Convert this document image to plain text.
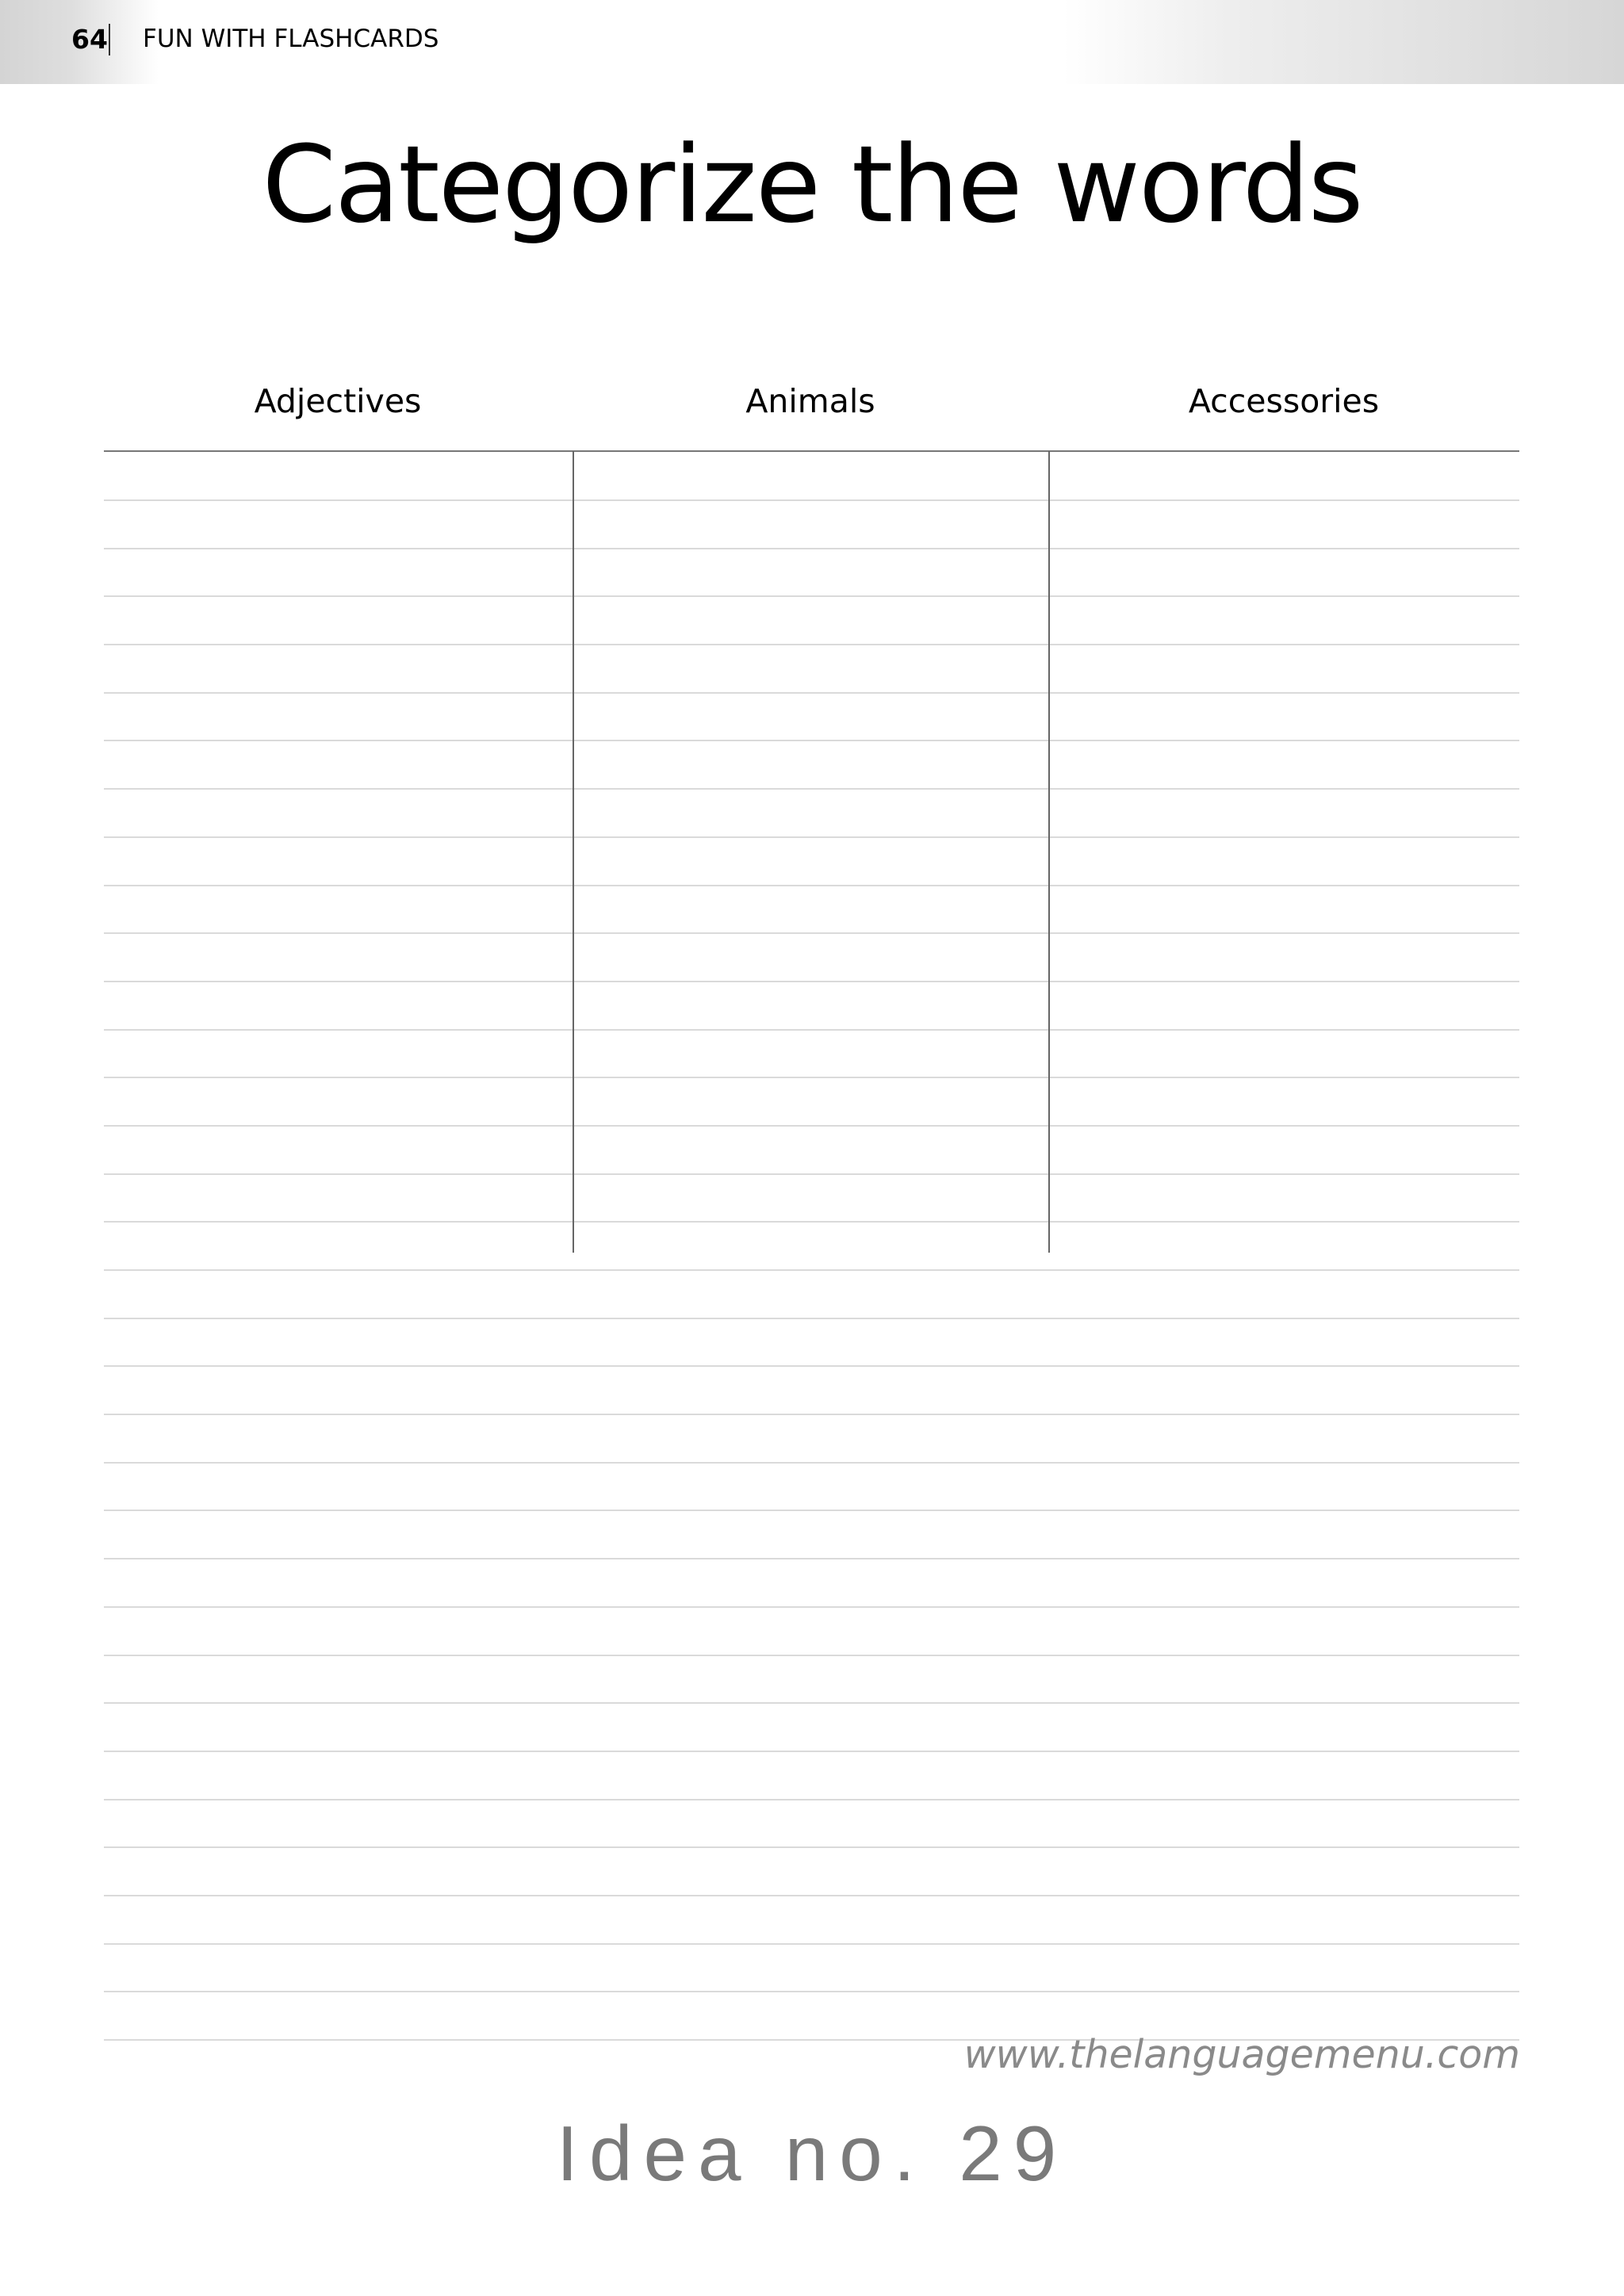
64 FUN WITH FLASHCARDS
Categorize the words
Adjectives	Animals	Accessories
www.thelanguagemenu.com
Idea no. 29
